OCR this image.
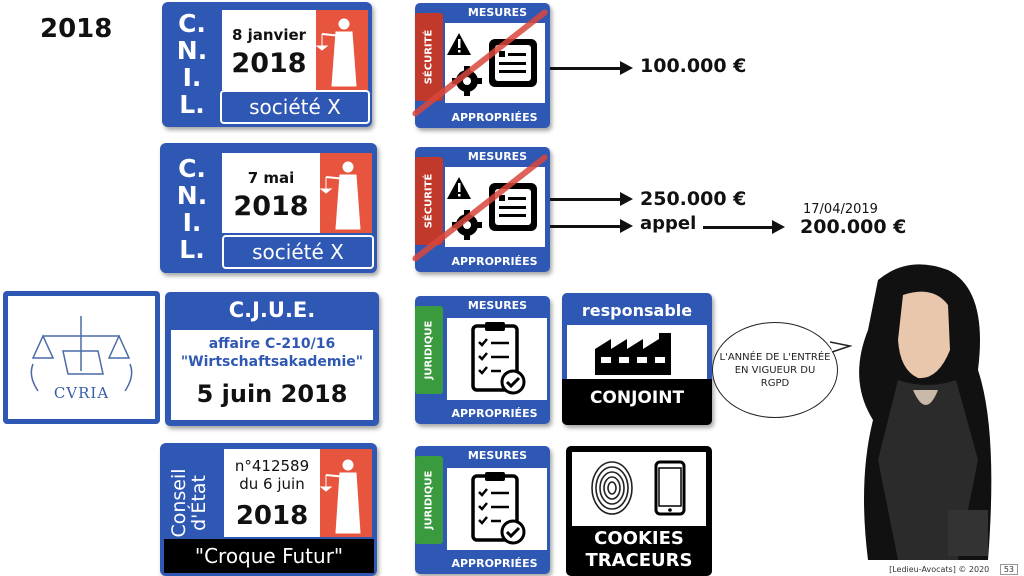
2018	C.
N.
I.
L.
8 janvier
2018
société X
C.
N.
I.
L.
7 mai
2018
société X
CVRIA
C.J.U.E.
affaire C-210/16
"Wirtschaftsakademie"
5 juin 2018
Conseil
d'État
n°412589
du 6 juin
2018
"Croque Futur"
SÉCURITÉ
MESURES
APPROPRIÉES
SÉCURITÉ
MESURES
APPROPRIÉES
JURIDIQUE
MESURES
APPROPRIÉES
JURIDIQUE
MESURES
APPROPRIÉES
100.000 €
250.000 €
appel
17/04/2019
200.000 €
responsable
CONJOINT
COOKIES
TRACEURS
L'ANNÉE DE L'ENTRÉE EN VIGUEUR DU RGPD
[Ledieu-Avocats] © 2020 53
